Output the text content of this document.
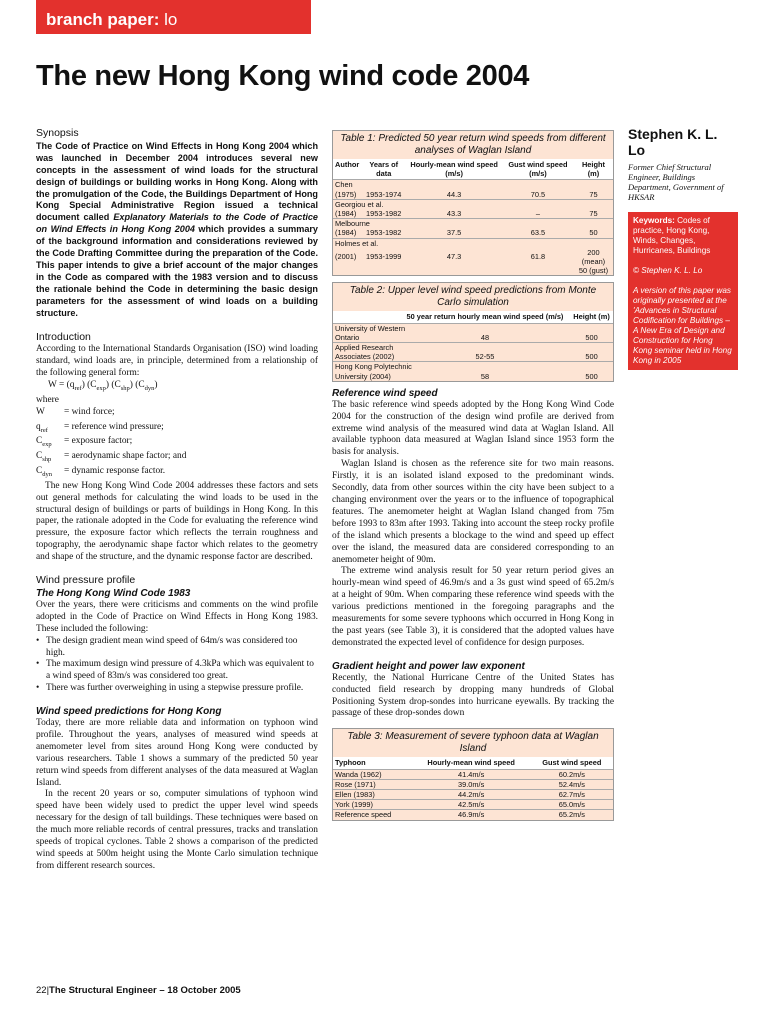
branch paper: lo
The new Hong Kong wind code 2004
Synopsis

The Code of Practice on Wind Effects in Hong Kong 2004 which was launched in December 2004 introduces several new concepts in the assessment of wind loads for the structural design of buildings or building works in Hong Kong. Along with the promulgation of the Code, the Buildings Department of Hong Kong Special Administrative Region issued a technical document called Explanatory Materials to the Code of Practice on Wind Effects in Hong Kong 2004 which provides a summary of the background information and considerations reviewed by the Code Drafting Committee during the preparation of the Code. This paper intends to give a brief account of the major changes in the Code as compared with the 1983 version and to discuss the rationale behind the Code in determining the basic design parameters for the assessment of wind loads on a building structure.

Introduction

According to the International Standards Organisation (ISO) wind loading standard, wind loads are, in principle, determined from a relationship of the following general form:

$W = (q_{ref})$ $(C_{exp})$ $(C_{shp})$ $(C_{dyn})$
where
W	= wind force;
$q_{ref}$	= reference wind pressure;
$C_{exp}$	= exposure factor;
$C_{shp}$	= aerodynamic shape factor; and
$C_{dyn}$	= dynamic response factor.

The new Hong Kong Wind Code 2004 addresses these factors and sets out general methods for calculating the wind loads to be used in the structural design of buildings or parts of buildings in Hong Kong. In this paper, the rationale adopted in the Code for evaluating the reference wind pressure, the exposure factor which reflects the terrain roughness and topography, the aerodynamic shape factor which relates to the geometry and shape of the structure, and the dynamic response factor are described.

Wind pressure profile
The Hong Kong Wind Code 1983

Over the years, there were criticisms and comments on the wind profile adopted in the Code of Practice on Wind Effects in Hong Kong 1983. These included the following:

• The design gradient mean wind speed of 64m/s was considered too high.
• The maximum design wind pressure of 4.3kPa which was equivalent to a wind speed of 83m/s was considered too great.
• There was further overweighing in using a stepwise pressure profile.
Wind speed predictions for Hong Kong

Today, there are more reliable data and information on typhoon wind profile. Throughout the years, analyses of measured wind speeds at anemometer level from sites around Hong Kong were conducted by various researchers. Table 1 shows a summary of the predicted 50 year return wind speeds from different analyses of the data measured at Waglan Island.

In the recent 20 years or so, computer simulations of typhoon wind speed have been widely used to predict the upper level wind speeds necessary for the design of tall buildings. These techniques were based on the much more reliable records of central pressures, tracks and translation speeds of tropical cyclones. Table 2 shows a comparison of the predicted wind speeds at 500m height using the Monte Carlo simulation technique from different research sources.

Table 1: Predicted 50 year return wind speeds from different analyses of Waglan Island
Author	Years of data	Hourly-mean wind speed (m/s)	Gust wind speed (m/s)	Height (m)
Chen				
(1975)	1953-1974	44.3	70.5	75
Georgiou et al.				
(1984)	1953-1982	43.3	–	75
Melbourne				
(1984)	1953-1982	37.5	63.5	50
Holmes et al.				
(2001)	1953-1999	47.3	61.8	200 (mean)
				50 (gust)
Table 2: Upper level wind speed predictions from Monte Carlo simulation
	50 year return hourly mean wind speed (m/s)	Height (m)
University of Western		
Ontario	48	500
Applied Research		
Associates (2002)	52-55	500
Hong Kong Polytechnic		
University (2004)	58	500
Reference wind speed

The basic reference wind speeds adopted by the Hong Kong Wind Code 2004 for the construction of the design wind profile are derived from extreme wind analysis of the measured wind data at Waglan Island. All available typhoon data measured at Waglan Island since 1953 form the basis for analysis.

Waglan Island is chosen as the reference site for two main reasons. Firstly, it is an isolated island exposed to the predominant winds. Secondly, data from other sources within the city have been subject to a changing environment over the years or to the influence of topographical features. The anemometer height at Waglan Island changed from 75m before 1993 to 83m after 1993. Taking into account the steep rocky profile of the island which presents a blockage to the wind and speed up effect over the island, the measured data are considered corresponding to an anemometer height of 90m.

The extreme wind analysis result for 50 year return period gives an hourly-mean wind speed of 46.9m/s and a 3s gust wind speed of 65.2m/s at a height of 90m. When comparing these reference wind speeds with the various predictions mentioned in the foregoing paragraphs and the measurements for some severe typhoons which occurred in Hong Kong in the past years (see Table 3), it is considered that the adopted values have demonstrated the expected level of confidence for design purposes.

Gradient height and power law exponent

Recently, the National Hurricane Centre of the United States has conducted field research by dropping many hundreds of Global Positioning System drop-sondes into hurricane eyewalls. By tracking the passage of these drop-sondes down

Table 3: Measurement of severe typhoon data at Waglan Island
Typhoon	Hourly-mean wind speed	Gust wind speed
Wanda (1962)	41.4m/s	60.2m/s
Rose (1971)	39.0m/s	52.4m/s
Ellen (1983)	44.2m/s	62.7m/s
York (1999)	42.5m/s	65.0m/s
Reference speed	46.9m/s	65.2m/s
Stephen K. L. Lo
Former Chief Structural Engineer, Buildings Department, Government of HKSAR

Keywords: Codes of practice, Hong Kong, Winds, Changes, Hurricanes, Buildings

© Stephen K. L. Lo

A version of this paper was originally presented at the 'Advances in Structural Codification for Buildings – A New Era of Design and Construction for Hong Kong seminar held in Hong Kong in 2005

22|The Structural Engineer – 18 October 2005
